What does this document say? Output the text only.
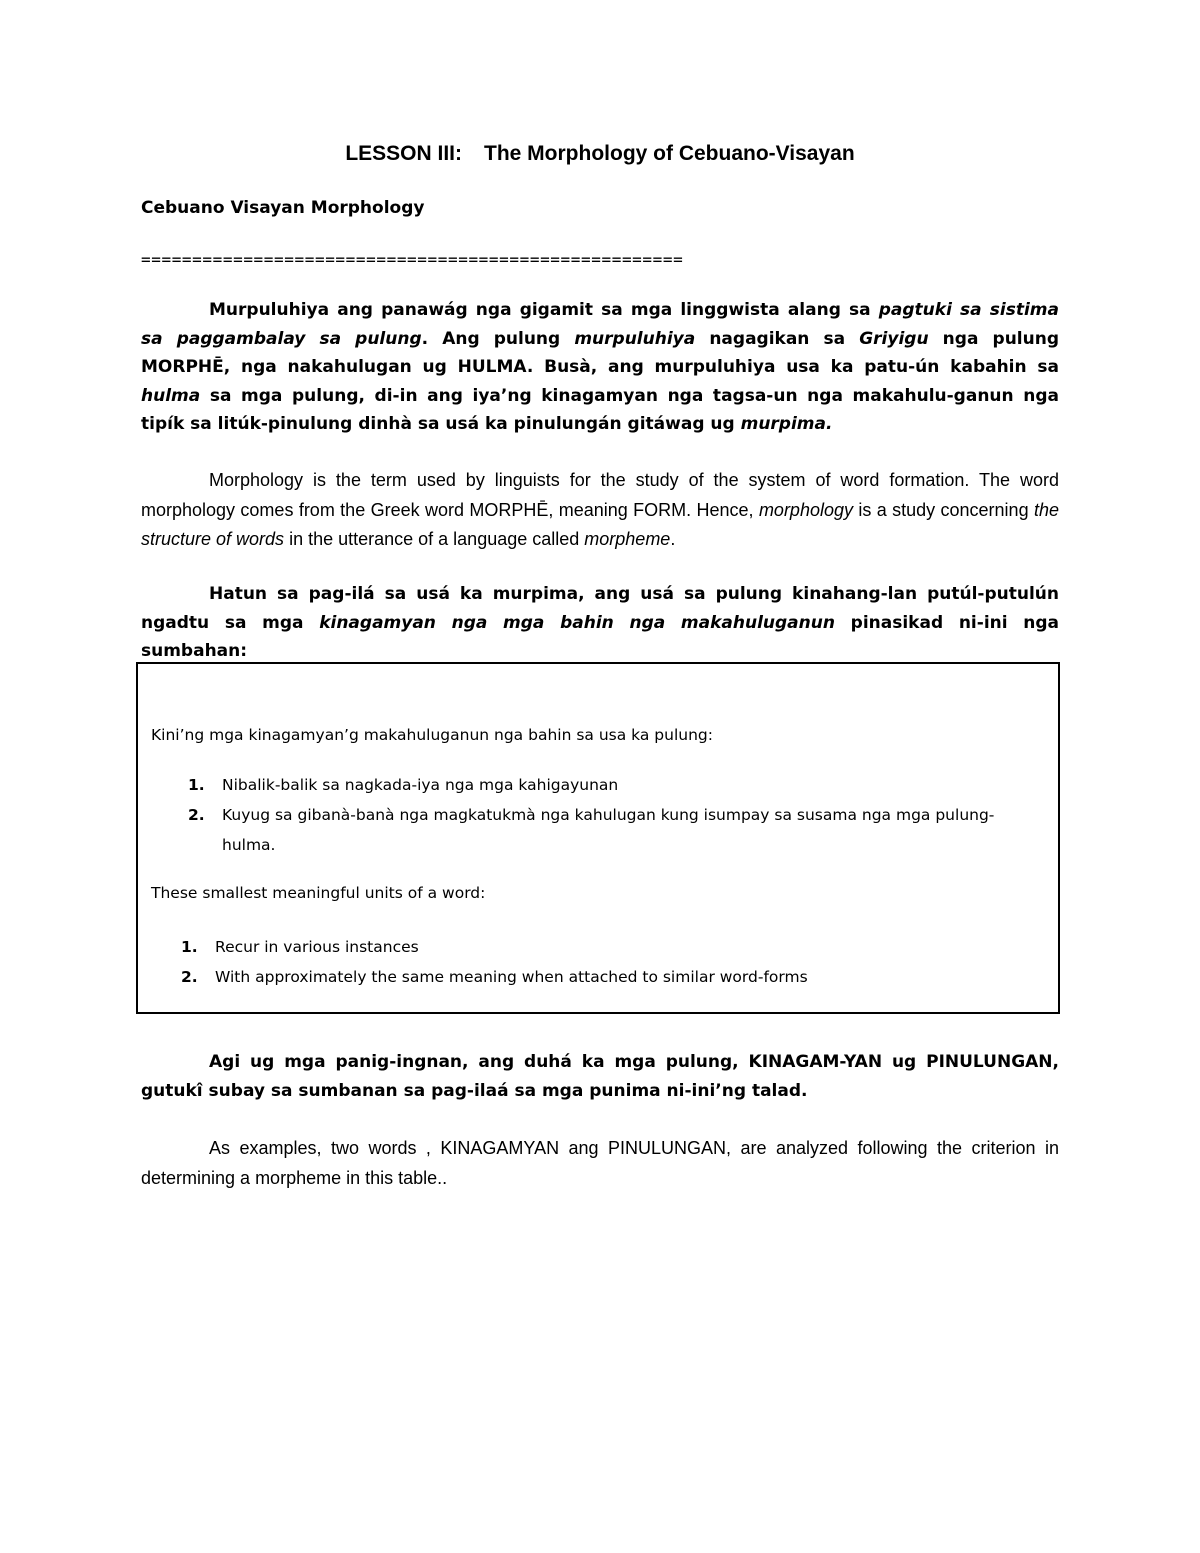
LESSON III: The Morphology of Cebuano-Visayan
Cebuano Visayan Morphology
=====================================================

Murpuluhiya ang panawág nga gigamit sa mga linggwista alang sa pagtuki sa sistima sa paggambalay sa pulung. Ang pulung murpuluhiya nagagikan sa Griyigu nga pulung MORPHĒ, nga nakahulugan ug HULMA. Busà, ang murpuluhiya usa ka patu-ún kabahin sa hulma sa mga pulung, di-in ang iya’ng kinagamyan nga tagsa-un nga makahulu-ganun nga tipík sa litúk-pinulung dinhà sa usá ka pinulungán gitáwag ug murpima.

Morphology is the term used by linguists for the study of the system of word formation. The word morphology comes from the Greek word MORPHĒ, meaning FORM. Hence, morphology is a study concerning the structure of words in the utterance of a language called morpheme.

Hatun sa pag-ilá sa usá ka murpima, ang usá sa pulung kinahang-lan putúl-putulún ngadtu sa mga kinagamyan nga mga bahin nga makahuluganun pinasikad ni-ini nga sumbahan:

Kini’ng mga kinagamyan’g makahuluganun nga bahin sa usa ka pulung:
1. Nibalik-balik sa nagkada-iya nga mga kahigayunan
2. Kuyug sa gibanà-banà nga magkatukmà nga kahulugan kung isumpay sa susama nga mga pulung-hulma.
These smallest meaningful units of a word:
1. Recur in various instances
2. With approximately the same meaning when attached to similar word-forms

Agi ug mga panig-ingnan, ang duhá ka mga pulung, KINAGAM-YAN ug PINULUNGAN, gutukî subay sa sumbanan sa pag-ilaá sa mga punima ni-ini’ng talad.

As examples, two words , KINAGAMYAN ang PINULUNGAN, are analyzed following the criterion in determining a morpheme in this table..
